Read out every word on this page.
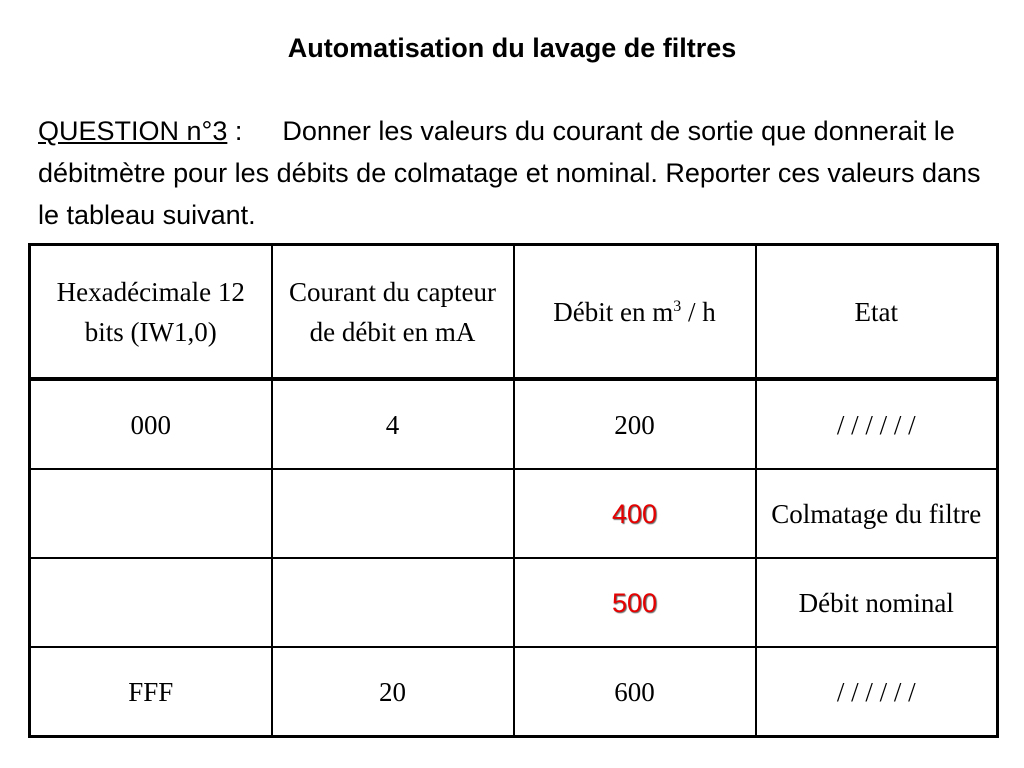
Automatisation du lavage de filtres
QUESTION n°3 : Donner les valeurs du courant de sortie que donnerait le débitmètre pour les débits de colmatage et nominal. Reporter ces valeurs dans le tableau suivant.
Hexadécimale 12 bits (IW1,0)	Courant du capteur de débit en mA	Débit en $m^3$ / h	Etat
000	4	200	/ / / / / /
		400	Colmatage du filtre
		500	Débit nominal
FFF	20	600	/ / / / / /
